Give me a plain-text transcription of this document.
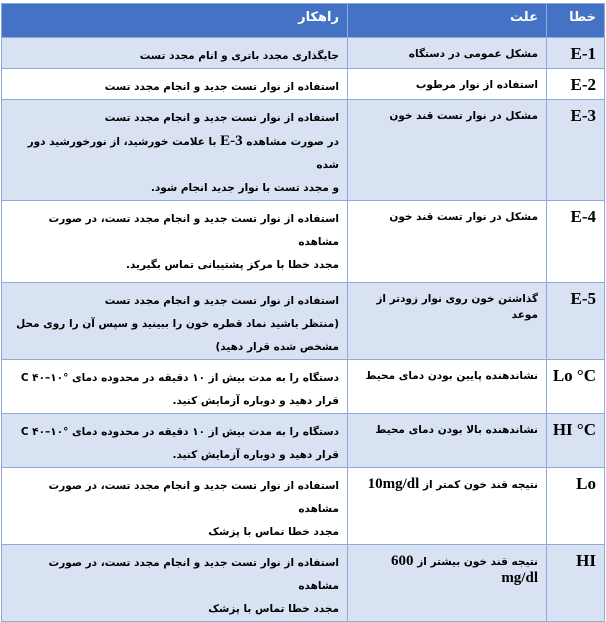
خطا	علت	راهکار
E-1	مشکل عمومی در دستگاه	جایگذاری مجدد باتری و انام مجدد تست
E-2	استفاده از نوار مرطوب	استفاده از نوار تست جدید و انجام مجدد تست
E-3	مشکل در نوار تست قند خون	استفاده از نوار تست جدید و انجام مجدد تست
در صورت مشاهده E-3 با علامت خورشید، از نورخورشید دور شده
و مجدد تست با نوار جدید انجام شود.

E-4	مشکل در نوار تست قند خون	استفاده از نوار تست جدید و انجام مجدد تست، در صورت مشاهده
مجدد خطا با مرکز پشتیبانی تماس بگیرید.

E-5	گذاشتن خون روی نوار زودتر از موعد	استفاده از نوار تست جدید و انجام مجدد تست
(منتظر باشید نماد قطره خون را ببینید و سپس آن را روی محل
مشخص شده قرار دهید)

Lo °C	نشاندهنده پایین بودن دمای محیط	دستگاه را به مدت بیش از ۱۰ دقیقه در محدوده دمای °C ۴۰–۱۰
قرار دهید و دوباره آزمایش کنید.

HI °C	نشاندهنده بالا بودن دمای محیط	دستگاه را به مدت بیش از ۱۰ دقیقه در محدوده دمای °C ۴۰–۱۰
قرار دهید و دوباره آزمایش کنید.

Lo	نتیجه قند خون کمتر از 10mg/dl	استفاده از نوار تست جدید و انجام مجدد تست، در صورت مشاهده
مجدد خطا تماس با پزشک

HI	نتیجه قند خون بیشتر از 600 mg/dl	استفاده از نوار تست جدید و انجام مجدد تست، در صورت مشاهده
مجدد خطا تماس با پزشک
